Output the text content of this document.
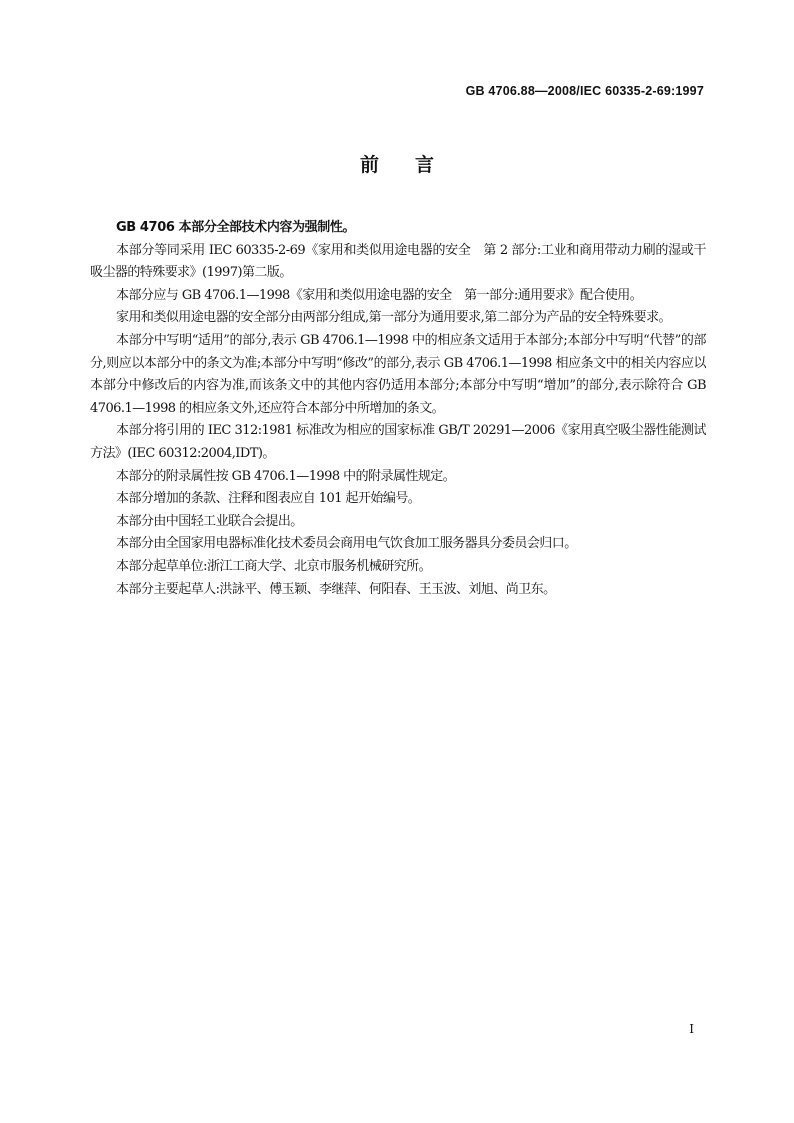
GB 4706.88—2008/IEC 60335-2-69:1997
前言

GB 4706 本部分全部技术内容为强制性。

本部分等同采用 IEC 60335-2-69《家用和类似用途电器的安全　第 2 部分:工业和商用带动力刷的湿或干吸尘器的特殊要求》(1997)第二版。

本部分应与 GB 4706.1—1998《家用和类似用途电器的安全　第一部分:通用要求》配合使用。

家用和类似用途电器的安全部分由两部分组成,第一部分为通用要求,第二部分为产品的安全特殊要求。

本部分中写明“适用”的部分,表示 GB 4706.1—1998 中的相应条文适用于本部分;本部分中写明“代替”的部分,则应以本部分中的条文为准;本部分中写明“修改”的部分,表示 GB 4706.1—1998 相应条文中的相关内容应以本部分中修改后的内容为准,而该条文中的其他内容仍适用本部分;本部分中写明“增加”的部分,表示除符合 GB 4706.1—1998 的相应条文外,还应符合本部分中所增加的条文。

本部分将引用的 IEC 312:1981 标准改为相应的国家标准 GB/T 20291—2006《家用真空吸尘器性能测试方法》(IEC 60312:2004,IDT)。

本部分的附录属性按 GB 4706.1—1998 中的附录属性规定。

本部分增加的条款、注释和图表应自 101 起开始编号。

本部分由中国轻工业联合会提出。

本部分由全国家用电器标准化技术委员会商用电气饮食加工服务器具分委员会归口。

本部分起草单位:浙江工商大学、北京市服务机械研究所。

本部分主要起草人:洪詠平、傅玉颖、李继萍、何阳春、王玉波、刘旭、尚卫东。

I
